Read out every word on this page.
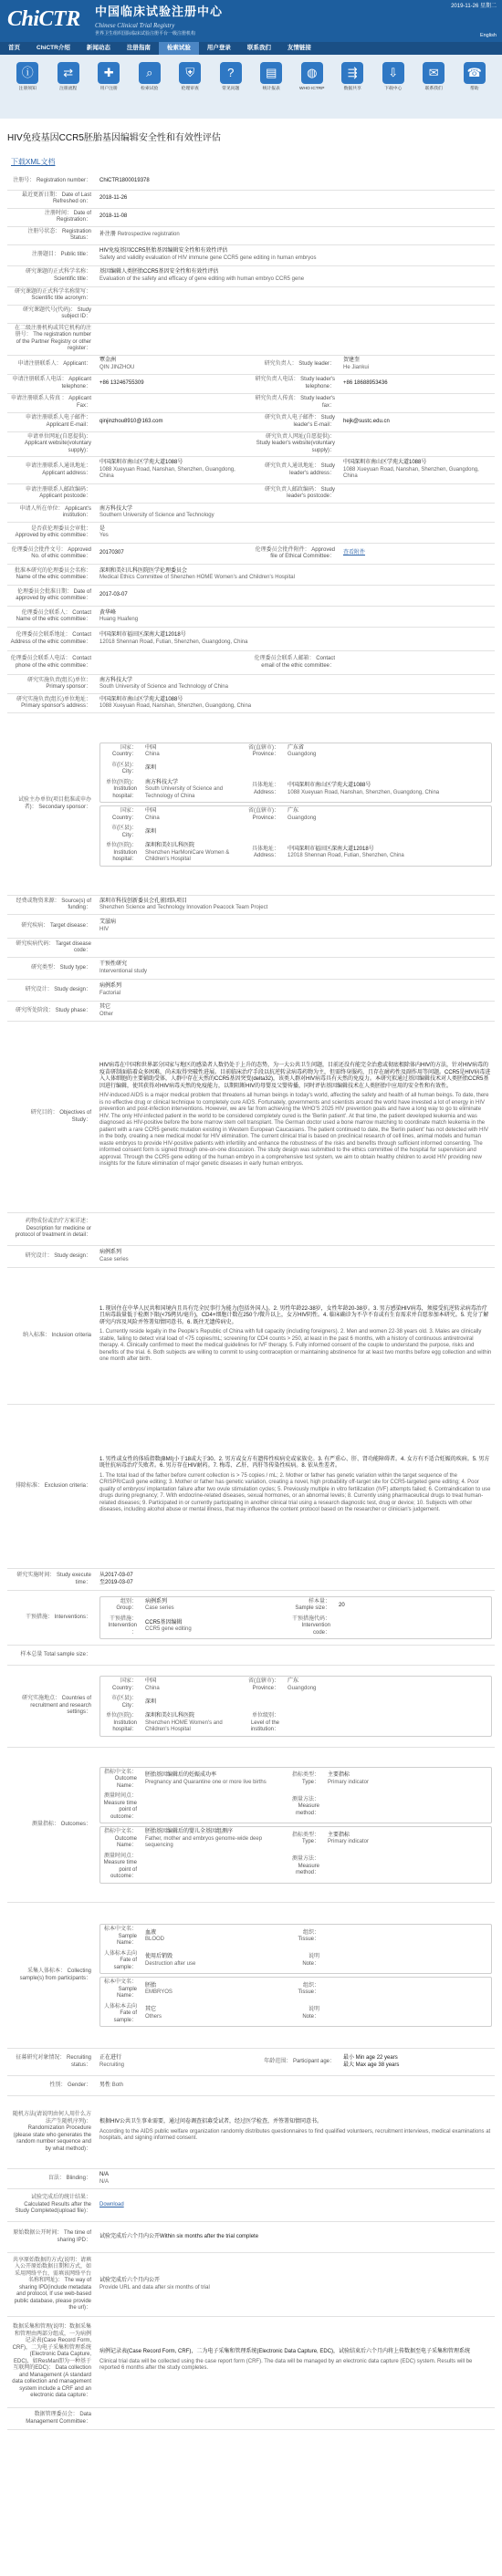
ChiCTR 中国临床试验注册中心
Chinese Clinical Trial Registry
世界卫生组织国际临床试验注册平台一级注册机构
2019-11-26 星期二
English
首页	ChiCTR介绍	新闻动态	注册指南	检索试验	用户登录	联系我们	友情链接
ⓘ
注册须知
⇄
注册流程
✚
用户注册
⌕
检索试验
⛨
伦理审查
?
常见问题
▤
统计报表
◍
WHO ICTRP
⇶
数据共享
⇩
下载中心
✉
联系我们
☎
帮助
HIV免疫基因CCR5胚胎基因编辑安全性和有效性评估
下载XML文档
注册号： Registration number：	ChiCTR1800019378
最近更新日期： Date of Last Refreshed on：	2018-11-26
注册时间： Date of Registration：	2018-11-08
注册号状态： Registration Status：	补注册 Retrospective registration
注册题目： Public title：	
HIV免疫基因CCR5胚胎基因编辑安全性和有效性评估
Safety and validity evaluation of HIV immune gene CCR5 gene editing in human embryos

研究课题的正式科学名称： Scientific title：	
基因编辑人类胚胎CCR5基因安全性和有效性评估
Evaluation of the safety and efficacy of gene editing with human embryo CCR5 gene

研究课题的正式科学名称简写： Scientific title acronym：	
研究课题代号(代码)： Study subject ID：	
在二级注册机构或其它机构的注册号： The registration number of the Partner Registry or other register：	
申请注册联系人： Applicant：	
覃金洲
QIN JINZHOU
	研究负责人： Study leader：	
贺建奎
He Jiankui

申请注册联系人电话： Applicant telephone：	+86 13246755309	研究负责人电话： Study leader's telephone：	+86 18688953436
申请注册联系人传真 ： Applicant Fax：		研究负责人传真： Study leader's fax：	
申请注册联系人电子邮件： Applicant E-mail：	qinjinzhou8910@163.com	研究负责人电子邮件： Study leader's E-mail：	hejk@sustc.edu.cn
申请单位网址(自愿提供)： Applicant website(voluntary supply)：		研究负责人网址(自愿提供)： Study leader's website(voluntary supply)：	
申请注册联系人通讯地址： Applicant address：	
中国深圳市南山区学苑大道1088号
1088 Xueyuan Road, Nanshan, Shenzhen, Guangdong, China
	研究负责人通讯地址： Study leader's address：	
中国深圳市南山区学苑大道1088号
1088 Xueyuan Road, Nanshan, Shenzhen, Guangdong, China

申请注册联系人邮政编码： Applicant postcode：		研究负责人邮政编码： Study leader's postcode：	
申请人所在单位： Applicant's institution：	
南方科技大学
Southern University of Science and Technology

是否获伦理委员会审批： Approved by ethic committee：	
是
Yes

伦理委员会批件文号： Approved No. of ethic committee：	20170307	伦理委员会批件附件： Approved file of Ethical Committee：	查看附件
批准本研究的伦理委员会名称： Name of the ethic committee：	
深圳和美妇儿科医院医学伦理委员会
Medical Ethics Committee of Shenzhen HOME Women's and Children's Hospital

伦理委员会批准日期： Date of approved by ethic committee：	2017-03-07
伦理委员会联系人： Contact Name of the ethic committee：	
黄华峰
Huang Huafeng

伦理委员会联系地址： Contact Address of the ethic committee：	
中国深圳市福田区深南大道12018号
12018 Shennan Road, Futian, Shenzhen, Guangdong, China

伦理委员会联系人电话： Contact phone of the ethic committee：		伦理委员会联系人邮箱： Contact email of the ethic committee：	
研究实施负责(组长)单位： Primary sponsor：	
南方科技大学
South University of Science and Technology of China

研究实施负责(组长)单位地址： Primary sponsor's address：	
中国深圳市南山区学苑大道1088号
1088 Xueyuan Road, Nanshan, Shenzhen, Guangdong, China

试验主办单位(项目批准或申办者)： Secondary sponsor：	
国家： Country：	
中国
China
	省(直辖市)： Province：	
广东省
Guangdong

市(区县)： City：	
深圳

单位(医院)： Institution hospital：	
南方科技大学
South University of Science and Technology of China
	具体地址： Address：	
中国深圳市南山区学苑大道1088号
1088 Xueyuan Road, Nanshan, Shenzhen, Guangdong, China
国家： Country：	
中国
China
	省(直辖市)： Province：	
广东
Guangdong

市(区县)： City：	
深圳

单位(医院)： Institution hospital：	
深圳和美妇儿科医院
Shenzhen HarMoniCare Women & Children's Hospital
	具体地址： Address：	
中国深圳市福田区深南大道12018号
12018 Shennan Road, Futian, Shenzhen, China

经费或物资来源： Source(s) of funding：	
深圳市科技创新委员会孔雀团队项目
Shenzhen Science and Technology Innovation Peacock Team Project

研究疾病： Target disease：	
艾滋病
HIV

研究疾病代码： Target disease code：	
研究类型： Study type：	
干预性研究
Interventional study

研究设计： Study design：	
病例系列
Factorial

研究所处阶段： Study phase：	
其它
Other

研究目的： Objectives of Study：	

HIV病毒在中国和世界部分国家与地区的感染者人数仍处于上升的态势，为一大公共卫生问题，目前还没有能完全治愈或彻底根除体内HIV的方法，针对HIV病毒的疫苗研制面临着众多困难，尚未取得突破性进展。目前临床治疗手段以抗逆转录病毒药物为主，但需终身服药，且存在耐药性及副作用等问题。CCR5是HIV病毒进入人体细胞的主要辅助受体，人群中存在天然的CCR5基因突变(delta32)，该类人群对HIV病毒具有天然的免疫力。本研究拟通过基因编辑技术对人类胚胎CCR5基因进行编辑，使其获得对HIV病毒天然的免疫能力，以期阻断HIV的母婴及父婴传播，同时评估基因编辑技术在人类胚胎中应用的安全性和有效性。

HIV-induced AIDS is a major medical problem that threatens all human beings in today's world, affecting the safety and health of all human beings. To date, there is no effective drug or clinical technique to completely cure AIDS. Fortunately, governments and scientists around the world have invested a lot of energy in HIV prevention and post-infection interventions. However, we are far from achieving the WHO'S 2025 HIV prevention goals and have a long way to go to eliminate HIV. The only HIV-infected patient in the world to be considered completely cured is the 'Berlin patient'. At that time, the patient developed leukemia and was diagnosed as HIV-positive before the bone marrow stem cell transplant. The German doctor used a bone marrow matching to coordinate match leukemia in the patient with a rare CCR5 genetic mutation existing in Western European Caucasians. The patient continued to date, the 'Berlin patient' has not detected with HIV in the body, creating a new medical model for HIV elimination. The current clinical trial is based on preclinical research of cell lines, animal models and human waste embryos to provide HIV-positive patients with infertility and enhance the robustness of the risks and benefits through sufficient informed consenting. The informed consent form is signed through one-on-one discussion. The study design was submitted to the ethics committee of the hospital for supervision and approval. Through the CCR5 gene editing of the human embryo in a comprehensive test system, we aim to obtain healthy children to avoid HIV providing new insights for the future elimination of major genetic diseases in early human embryos.

药物成份或治疗方案详述： Description for medicine or protocol of treatment in detail：	
研究设计： Study design：	
病例系列
Case series

纳入标准： Inclusion criteria	

1. 现居住在中华人民共和国境内且具有完全民事行为能力(包括外国人)。2. 男性年龄22-38岁，女性年龄20-38岁。3. 男方感染HIV病毒，须接受抗逆转录病毒治疗且病毒载量低于检测下限(<75拷贝/毫升)，CD4+细胞计数在250个/微升以上，女方HIV阴性。4. 临床确诊为不孕不育或有生育需求并自愿参加本研究。5. 充分了解研究内容及风险并签署知情同意书。6. 既往无遗传病史。

1. Currently reside legally in the People's Republic of China with full capacity (including foreigners). 2. Men and women 22-38 years old. 3. Males are clinically stable, failing to detect viral load of <75 copies/mL; screening for CD4 counts > 250, at least in the past 6 months, with a history of continuous antiretroviral therapy. 4. Clinically confirmed to meet the medical guidelines for IVF therapy. 5. Fully informed consent of the couple to understand the purpose, risks and benefits of the trial. 6. Both subjects are willing to commit to using contraception or maintaining abstinence for at least two months before egg collection and within one month after birth.

排除标准： Exclusion criteria：	

1. 男性或女性的体质指数(BMI)小于18或大于30。2. 男方或女方有遗传性疾病史或家族史。3. 有严重心、肝、肾功能障碍者。4. 女方有不适合妊娠的疾病。5. 男方既往抗病毒治疗失败者。6. 男方存在HIV耐药。7. 梅毒、乙肝、丙肝等传染性疾病。8. 依从性差者。

1. The total load of the father before current collection is > 75 copies / mL; 2. Mother or father has genetic variation within the target sequence of the CRISPR/Cas9 gene editing; 3. Mother or father has genetic variation, creating a novel, high probability off-target site for CCR5-targeted gene editing; 4. Poor quality of embryos/ implantation failure after two ovule stimulation cycles; 5. Previously multiple in vitro fertilization (IVF) attempts failed; 6. Contraindication to use drugs during pregnancy; 7. With endocrine-related diseases, sexual hormones, or an abnormal levels; 8. Currently using pharmaceutical drugs to treat human-related diseases; 9. Participated in or currently participating in another clinical trial using a research diagnostic test, drug or device; 10. Subjects with other diseases, including alcohol abuse or mental illness, that may influence the content protocol based on the researcher or clinician's judgement.

研究实施时间： Study execute time：	
从2017-03-07
至2019-03-07

干预措施： Interventions：	
组别： Group：	
病例系列
Case series
	样本量： Sample size：	20
干预措施： Intervention：	
CCR5基因编辑
CCR5 gene editing
	干预措施代码： Intervention code：	

样本总量 Total sample size：	
研究实施地点： Countries of recruitment and research settings：	
国家： Country：	
中国
China
	省(直辖市)： Province：	
广东
Guangdong

市(区县)： City：	深圳		
单位(医院)： Institution hospital：	
深圳和美妇儿科医院
Shenzhen HOME Women's and Children's Hospital
	单位级别： Level of the institution：	

测量指标： Outcomes：	
指标中文名： Outcome Name：	
胚胎基因编辑后的妊娠成功率
Pregnancy and Quarantine one or more live births
	指标类型： Type：	
主要指标
Primary indicator

测量时间点： Measure time point of outcome：		测量方法： Measure method：	
指标中文名： Outcome Name：	
胚胎基因编辑后的婴儿全基因组测序
Father, mother and embryos genome-wide deep sequencing
	指标类型： Type：	
主要指标
Primary indicator

测量时间点： Measure time point of outcome：		测量方法： Measure method：	

采集人体标本： Collecting sample(s) from participants：	
标本中文名： Sample Name：	
血液
BLOOD
	组织： Tissue：	
人体标本去向 Fate of sample：	
使用后销毁
Destruction after use
	说明 Note：	
标本中文名： Sample Name：	
胚胎
EMBRYOS
	组织： Tissue：	
人体标本去向 Fate of sample：	
其它
Others
	说明 Note：	

征募研究对象情况： Recruiting status：	
正在进行
Recruiting
	年龄范围： Participant age：	
最小 Min age 22 years
最大 Max age 38 years

性别： Gender：	男性 Both
随机方法(请说明由何人用什么方法产生随机序列)： Randomization Procedure (please state who generates the random number sequence and by what method)：	

根据HIV公共卫生事业需要，通过问卷调查招募受试者，经过医学检查，并签署知情同意书。

According to the AIDS public welfare organization randomly distributes questionnaires to find qualified volunteers, recruitment interviews, medical examinations at hospitals, and signing informed consent.

盲法： Blinding：	
N/A
N/A

试验完成后的统计结果： Calculated Results after the Study Completed(upload file)：	Download
原始数据公开时间： The time of sharing IPD：	试验完成后六个月内公开Within six months after the trial complete
共享原始数据的方式(说明：请填入公开原始数据日期和方式，如采用网络平台，需填该网络平台名称和网址)： The way of sharing IPD(include metadata and protocol, If use web-based public database, please provide the url)：	
试验完成后六个月内公开
Provide URL and data after six months of trial

数据采集和管理(说明：数据采集和管理由两部分组成，一为病例记录表(Case Record Form, CRF)，二为电子采集和管理系统(Electronic Data Capture, EDC)，如ResMan即为一种基于互联网的EDC)： Data collection and Management (A standard data collection and management system include a CRF and an electronic data capture：	

病例记录表(Case Record Form, CRF)，二为电子采集和管理系统(Electronic Data Capture, EDC)，试验结束后六个月内将上传数据至电子采集和管理系统

Clinical trial data will be collected using the case report form (CRF). The data will be managed by an electronic data capture (EDC) system. Results will be reported 6 months after the study completes.

数据管理委员会： Data Management Committee：	
